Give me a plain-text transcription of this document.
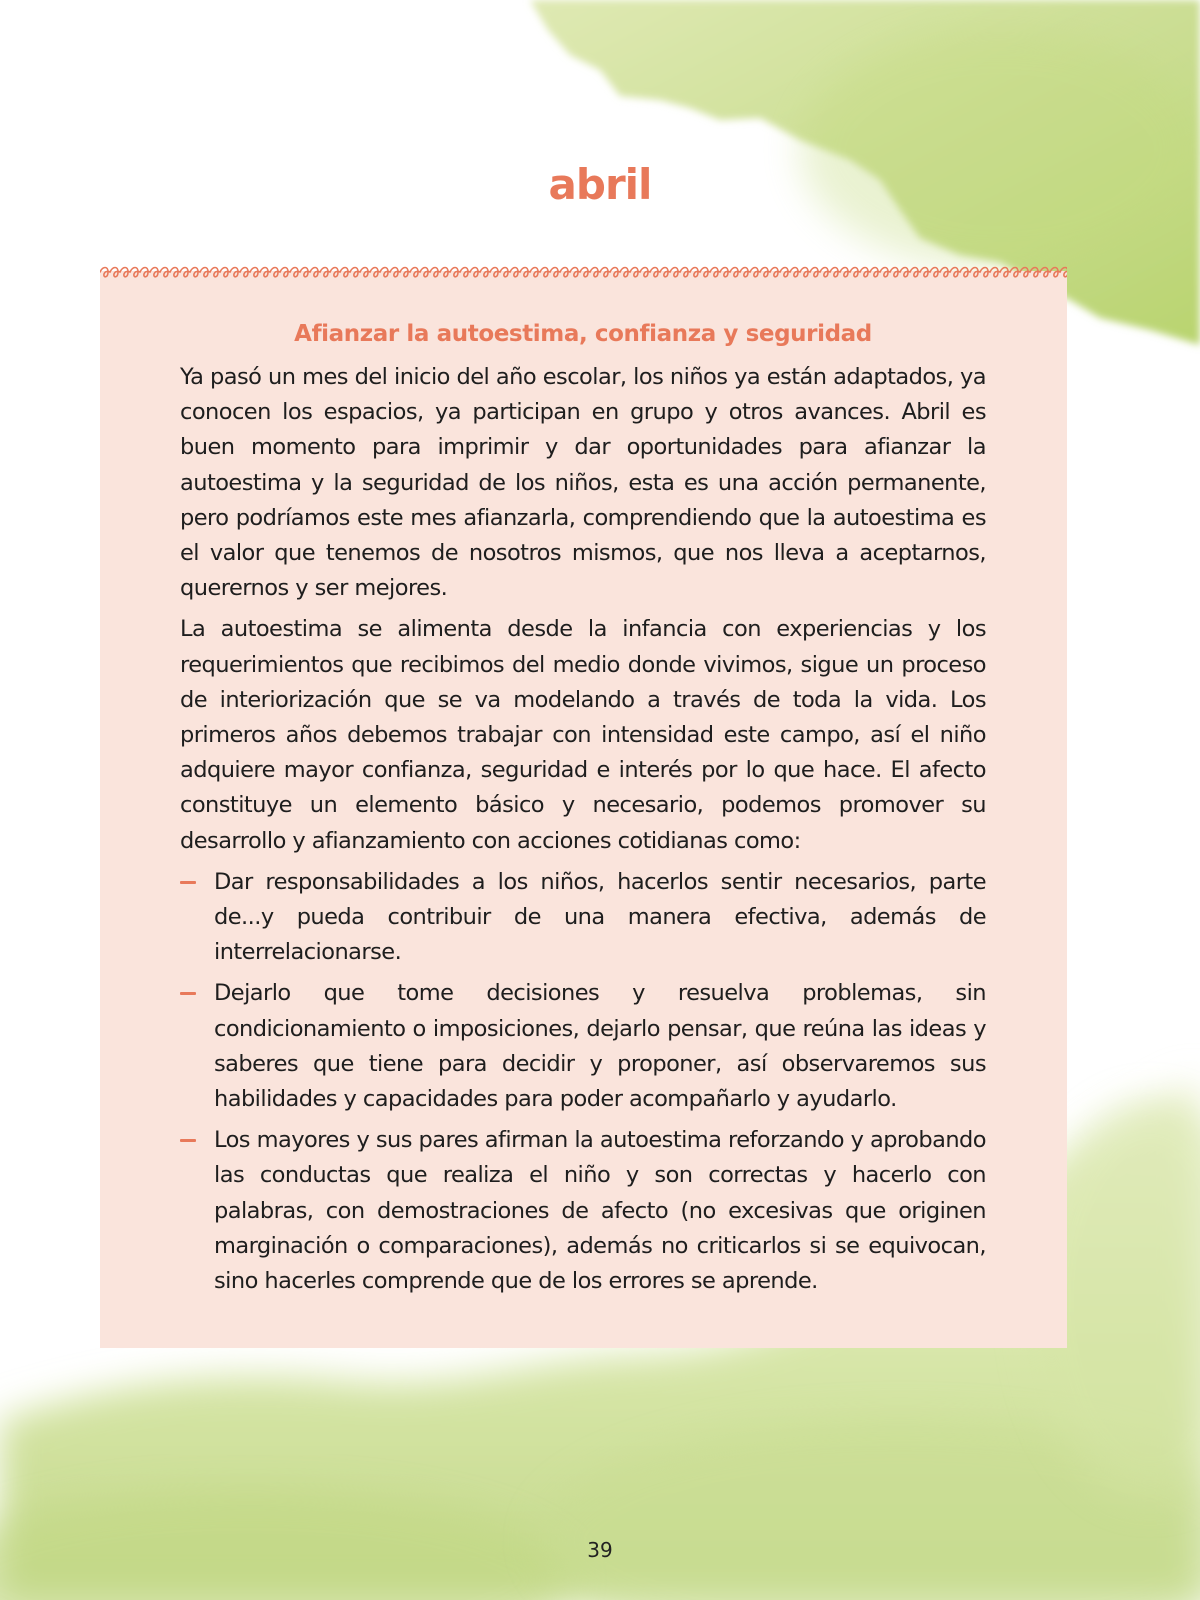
abril
Afianzar la autoestima, confianza y seguridad

Ya pasó un mes del inicio del año escolar, los niños ya están adaptados, ya conocen los espacios, ya participan en grupo y otros avances. Abril es buen momento para imprimir y dar oportunidades para afianzar la autoestima y la seguridad de los niños, esta es una acción permanente, pero podríamos este mes afianzarla, comprendiendo que la autoestima es el valor que tenemos de nosotros mismos, que nos lleva a aceptarnos, querernos y ser mejores.

La autoestima se alimenta desde la infancia con experiencias y los requerimientos que recibimos del medio donde vivimos, sigue un proceso de interiorización que se va modelando a través de toda la vida. Los primeros años debemos trabajar con intensidad este campo, así el niño adquiere mayor confianza, seguridad e interés por lo que hace. El afecto constituye un elemento básico y necesario, podemos promover su desarrollo y afianzamiento con acciones cotidianas como:

Dar responsabilidades a los niños, hacerlos sentir necesarios, parte de...y pueda contribuir de una manera efectiva, además de interrelacionarse.
Dejarlo que tome decisiones y resuelva problemas, sin condicionamiento o imposiciones, dejarlo pensar, que reúna las ideas y saberes que tiene para decidir y proponer, así observaremos sus habilidades y capacidades para poder acompañarlo y ayudarlo.
Los mayores y sus pares afirman la autoestima reforzando y aprobando las conductas que realiza el niño y son correctas y hacerlo con palabras, con demostraciones de afecto (no excesivas que originen marginación o comparaciones), además no criticarlos si se equivocan, sino hacerles comprende que de los errores se aprende.
39
